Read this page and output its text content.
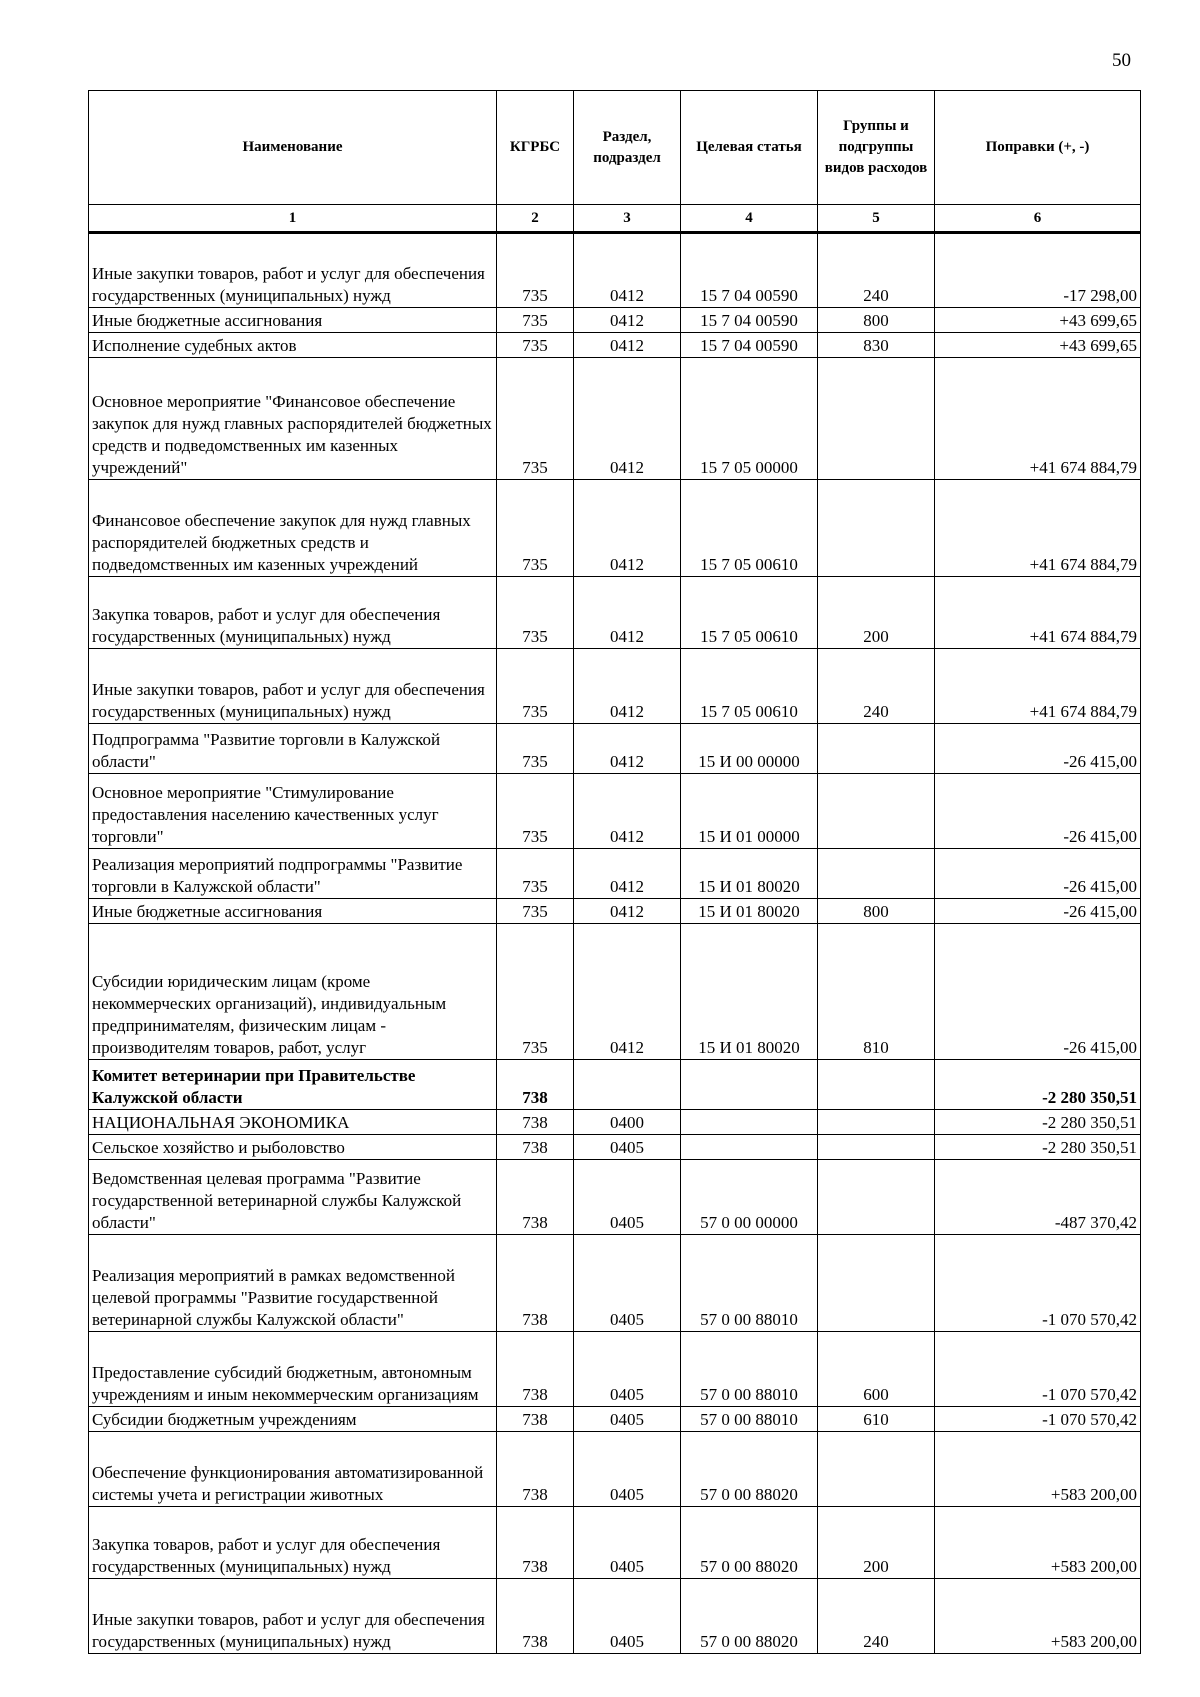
50
Наименование	КГРБС	Раздел, подраздел	Целевая статья	Группы и подгруппы видов расходов	Поправки (+, -)
1	2	3	4	5	6
Иные закупки товаров, работ и услуг для обеспечения государственных (муниципальных) нужд	735	0412	15 7 04 00590	240	-17 298,00
Иные бюджетные ассигнования	735	0412	15 7 04 00590	800	+43 699,65
Исполнение судебных актов	735	0412	15 7 04 00590	830	+43 699,65
Основное мероприятие "Финансовое обеспечение закупок для нужд главных распорядителей бюджетных средств и подведомственных им казенных учреждений"	735	0412	15 7 05 00000		+41 674 884,79
Финансовое обеспечение закупок для нужд главных распорядителей бюджетных средств и подведомственных им казенных учреждений	735	0412	15 7 05 00610		+41 674 884,79
Закупка товаров, работ и услуг для обеспечения государственных (муниципальных) нужд	735	0412	15 7 05 00610	200	+41 674 884,79
Иные закупки товаров, работ и услуг для обеспечения государственных (муниципальных) нужд	735	0412	15 7 05 00610	240	+41 674 884,79
Подпрограмма "Развитие торговли в Калужской области"	735	0412	15 И 00 00000		-26 415,00
Основное мероприятие "Стимулирование предоставления населению качественных услуг торговли"	735	0412	15 И 01 00000		-26 415,00
Реализация мероприятий подпрограммы "Развитие торговли в Калужской области"	735	0412	15 И 01 80020		-26 415,00
Иные бюджетные ассигнования	735	0412	15 И 01 80020	800	-26 415,00
Субсидии юридическим лицам (кроме некоммерческих организаций), индивидуальным предпринимателям, физическим лицам - производителям товаров, работ, услуг	735	0412	15 И 01 80020	810	-26 415,00
Комитет ветеринарии при Правительстве Калужской области	738				-2 280 350,51
НАЦИОНАЛЬНАЯ ЭКОНОМИКА	738	0400			-2 280 350,51
Сельское хозяйство и рыболовство	738	0405			-2 280 350,51
Ведомственная целевая программа "Развитие государственной ветеринарной службы Калужской области"	738	0405	57 0 00 00000		-487 370,42
Реализация мероприятий в рамках ведомственной целевой программы "Развитие государственной ветеринарной службы Калужской области"	738	0405	57 0 00 88010		-1 070 570,42
Предоставление субсидий бюджетным, автономным учреждениям и иным некоммерческим организациям	738	0405	57 0 00 88010	600	-1 070 570,42
Субсидии бюджетным учреждениям	738	0405	57 0 00 88010	610	-1 070 570,42
Обеспечение функционирования автоматизированной системы учета и регистрации животных	738	0405	57 0 00 88020		+583 200,00
Закупка товаров, работ и услуг для обеспечения государственных (муниципальных) нужд	738	0405	57 0 00 88020	200	+583 200,00
Иные закупки товаров, работ и услуг для обеспечения государственных (муниципальных) нужд	738	0405	57 0 00 88020	240	+583 200,00
